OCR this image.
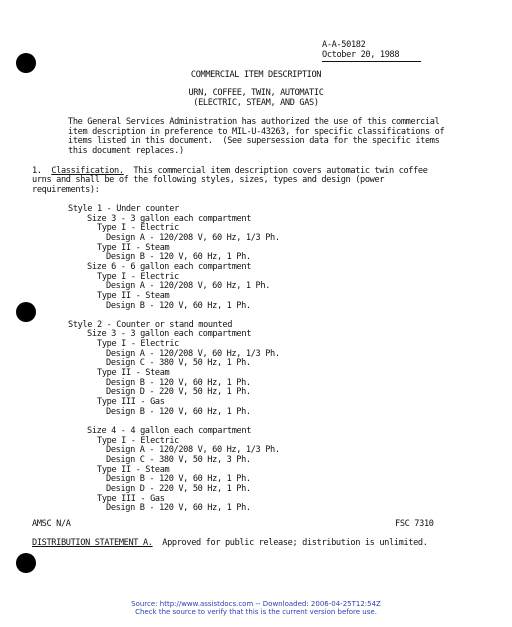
A-A-50182
October 20, 1988
COMMERCIAL ITEM DESCRIPTION
URN, COFFEE, TWIN, AUTOMATIC
(ELECTRIC, STEAM, AND GAS)
The General Services Administration has authorized the use of this commercial
item description in preference to MIL-U-43263, for specific classifications of
items listed in this document.  (See supersession data for the specific items
this document replaces.)
1. Classification.  This commercial item description covers automatic twin coffee
urns and shall be of the following styles, sizes, types and design (power
requirements):
Style 1 - Under counter
Size 3 - 3 gallon each compartment
Type I - Electric
Design A - 120/208 V, 60 Hz, 1/3 Ph.
Type II - Steam
Design B - 120 V, 60 Hz, 1 Ph.
Size 6 - 6 gallon each compartment
Type I - Electric
Design A - 120/208 V, 60 Hz, 1 Ph.
Type II - Steam
Design B - 120 V, 60 Hz, 1 Ph.
Style 2 - Counter or stand mounted
Size 3 - 3 gallon each compartment
Type I - Electric
Design A - 120/208 V, 60 Hz, 1/3 Ph.
Design C - 380 V, 50 Hz, 1 Ph.
Type II - Steam
Design B - 120 V, 60 Hz, 1 Ph.
Design D - 220 V, 50 Hz, 1 Ph.
Type III - Gas
Design B - 120 V, 60 Hz, 1 Ph.
Size 4 - 4 gallon each compartment
Type I - Electric
Design A - 120/208 V, 60 Hz, 1/3 Ph.
Design C - 380 V, 50 Hz, 3 Ph.
Type II - Steam
Design B - 120 V, 60 Hz, 1 Ph.
Design D - 220 V, 50 Hz, 1 Ph.
Type III - Gas
Design B - 120 V, 60 Hz, 1 Ph.
AMSC N/A	FSC 7310
DISTRIBUTION STATEMENT A.  Approved for public release; distribution is unlimited.
Source: http://www.assistdocs.com -- Downloaded: 2006-04-25T12:54Z
Check the source to verify that this is the current version before use.
